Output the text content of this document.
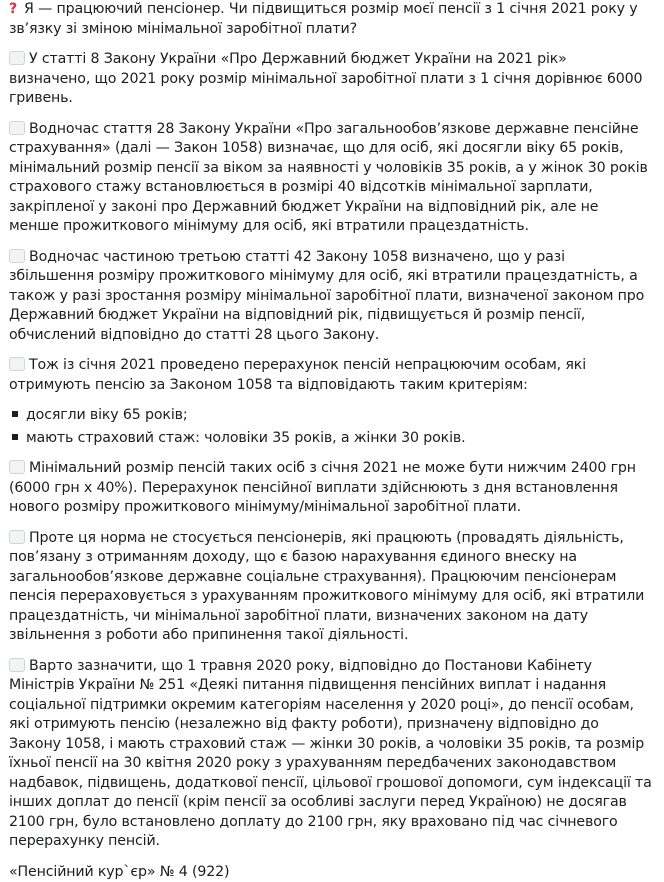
? Я — працюючий пенсіонер. Чи підвищиться розмір моєї пенсії з 1 січня 2021 року у зв’язку зі зміною мінімальної заробітної плати?
У статті 8 Закону України «Про Державний бюджет України на 2021 рік» визначено, що 2021 року розмір мінімальної заробітної плати з 1 січня дорівнює 6000 гривень.
Водночас стаття 28 Закону України «Про загальнообов’язкове державне пенсійне страхування» (далі — Закон 1058) визначає, що для осіб, які досягли віку 65 років, мінімальний розмір пенсії за віком за наявності у чоловіків 35 років, а у жінок 30 років страхового стажу встановлюється в розмірі 40 відсотків мінімальної зарплати, закріпленої у законі про Державний бюджет України на відповідний рік, але не менше прожиткового мінімуму для осіб, які втратили працездатність.
Водночас частиною третьою статті 42 Закону 1058 визначено, що у разі збільшення розміру прожиткового мінімуму для осіб, які втратили працездатність, а також у разі зростання розміру мінімальної заробітної плати, визначеної законом про Державний бюджет України на відповідний рік, підвищується й розмір пенсії, обчислений відповідно до статті 28 цього Закону.
Тож із січня 2021 проведено перерахунок пенсій непрацюючим особам, які отримують пенсію за Законом 1058 та відповідають таким критеріям:
досягли віку 65 років;
мають страховий стаж: чоловіки 35 років, а жінки 30 років.
Мінімальний розмір пенсій таких осіб з січня 2021 не може бути нижчим 2400 грн (6000 грн х 40%). Перерахунок пенсійної виплати здійснюють з дня встановлення нового розміру прожиткового мінімуму/мінімальної заробітної плати.
Проте ця норма не стосується пенсіонерів, які працюють (провадять діяльність, пов’язану з отриманням доходу, що є базою нарахування єдиного внеску на загальнообов’язкове державне соціальне страхування). Працюючим пенсіонерам пенсія перераховується з урахуванням прожиткового мінімуму для осіб, які втратили працездатність, чи мінімальної заробітної плати, визначених законом на дату звільнення з роботи або припинення такої діяльності.
Варто зазначити, що 1 травня 2020 року, відповідно до Постанови Кабінету Міністрів України № 251 «Деякі питання підвищення пенсійних виплат і надання соціальної підтримки окремим категоріям населення у 2020 році», до пенсії особам, які отримують пенсію (незалежно від факту роботи), призначену відповідно до Закону 1058, і мають страховий стаж — жінки 30 років, а чоловіки 35 років, та розмір їхньої пенсії на 30 квітня 2020 року з урахуванням передбачених законодавством надбавок, підвищень, додаткової пенсії, цільової грошової допомоги, сум індексації та інших доплат до пенсії (крім пенсії за особливі заслуги перед Україною) не досягав 2100 грн, було встановлено доплату до 2100 грн, яку враховано під час січневого перерахунку пенсій.
«Пенсійний кур`єр» № 4 (922)
